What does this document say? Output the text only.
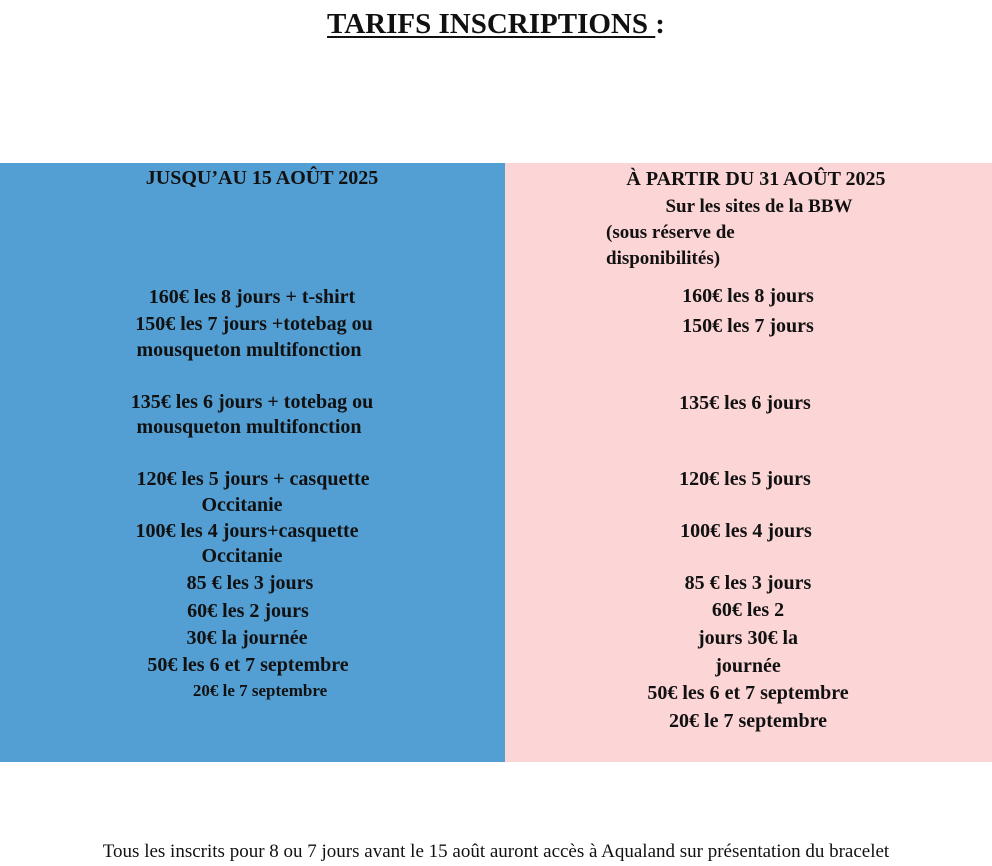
TARIFS INSCRIPTIONS :
JUSQU’AU 15 AOÛT 2025
160€ les 8 jours + t-shirt
150€ les 7 jours +totebag ou
mousqueton multifonction
135€ les 6 jours + totebag ou
mousqueton multifonction
120€ les 5 jours + casquette
Occitanie
100€ les 4 jours+casquette
Occitanie
85 € les 3 jours
60€ les 2 jours
30€ la journée
50€ les 6 et 7 septembre
20€ le 7 septembre
À PARTIR DU 31 AOÛT 2025
Sur les sites de la BBW
(sous réserve de
disponibilités)
160€ les 8 jours
150€ les 7 jours
135€ les 6 jours
120€ les 5 jours
100€ les 4 jours
85 € les 3 jours
60€ les 2
jours 30€ la
journée
50€ les 6 et 7 septembre
20€ le 7 septembre
Tous les inscrits pour 8 ou 7 jours avant le 15 août auront accès à Aqualand sur présentation du bracelet
